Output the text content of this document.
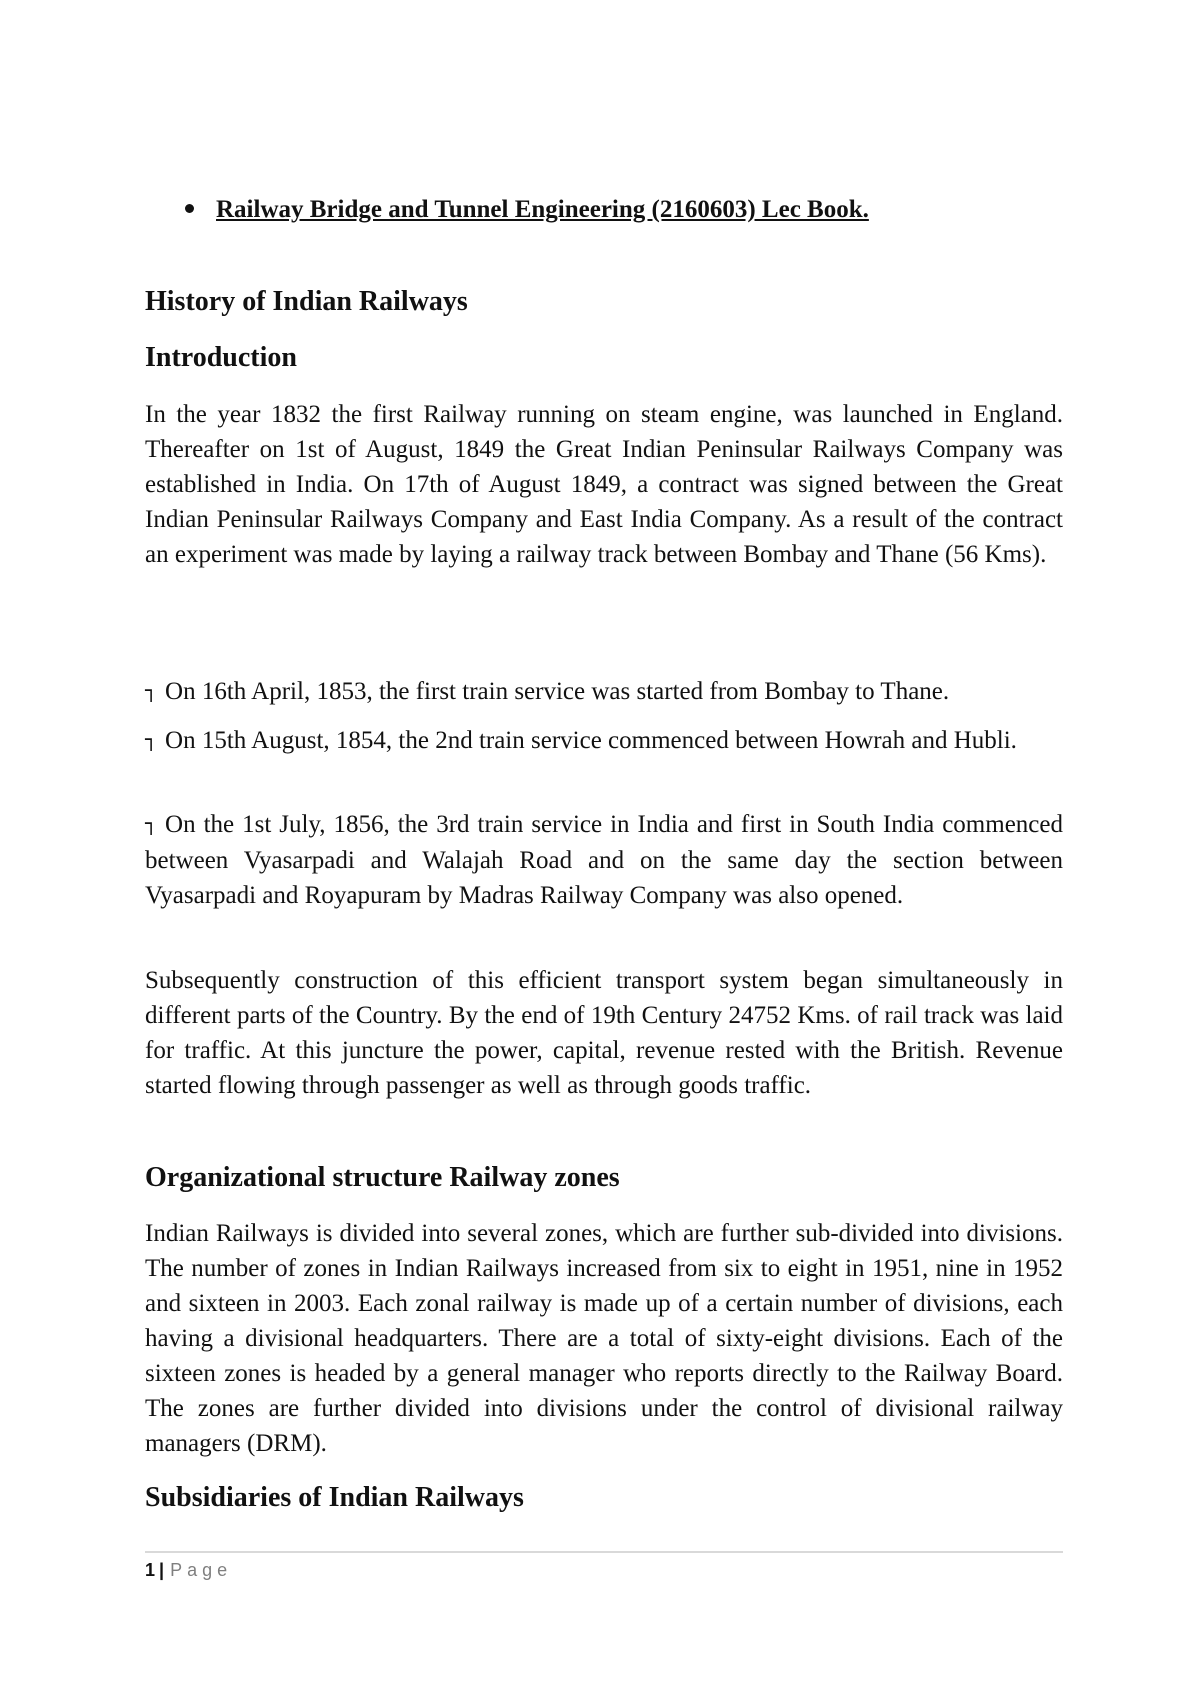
Railway Bridge and Tunnel Engineering (2160603) Lec Book.
History of Indian Railways
Introduction

In the year 1832 the first Railway running on steam engine, was launched in England. Thereafter on 1st of August, 1849 the Great Indian Peninsular Railways Company was established in India. On 17th of August 1849, a contract was signed between the Great Indian Peninsular Railways Company and East India Company. As a result of the contract an experiment was made by laying a railway track between Bombay and Thane (56 Kms).

┐ On 16th April, 1853, the first train service was started from Bombay to Thane.

┐ On 15th August, 1854, the 2nd train service commenced between Howrah and Hubli.

┐ On the 1st July, 1856, the 3rd train service in India and first in South India commenced between Vyasarpadi and Walajah Road and on the same day the section between Vyasarpadi and Royapuram by Madras Railway Company was also opened.

Subsequently construction of this efficient transport system began simultaneously in different parts of the Country. By the end of 19th Century 24752 Kms. of rail track was laid for traffic. At this juncture the power, capital, revenue rested with the British. Revenue started flowing through passenger as well as through goods traffic.

Organizational structure Railway zones

Indian Railways is divided into several zones, which are further sub-divided into divisions. The number of zones in Indian Railways increased from six to eight in 1951, nine in 1952 and sixteen in 2003. Each zonal railway is made up of a certain number of divisions, each having a divisional headquarters. There are a total of sixty-eight divisions. Each of the sixteen zones is headed by a general manager who reports directly to the Railway Board. The zones are further divided into divisions under the control of divisional railway managers (DRM).

Subsidiaries of Indian Railways
1 | Page
